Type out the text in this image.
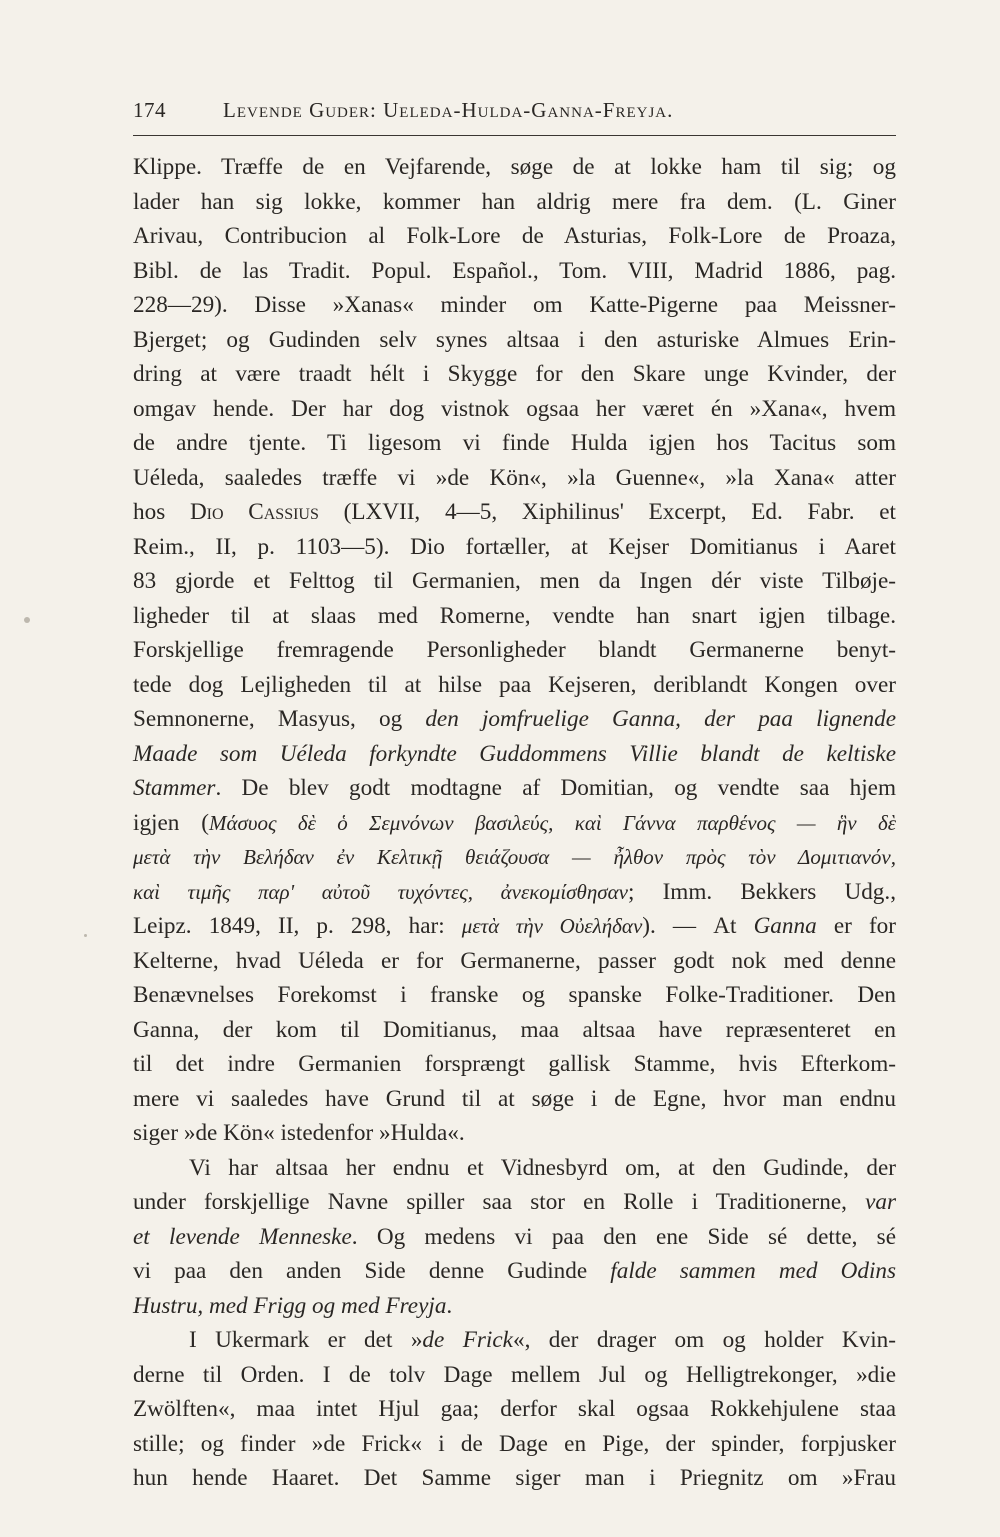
174	Levende Guder: Ueleda-Hulda-Ganna-Freyja.
Klippe. Træffe de en Vejfarende, søge de at lokke ham til sig; og
lader han sig lokke, kommer han aldrig mere fra dem. (L. Giner
Arivau, Contribucion al Folk-Lore de Asturias, Folk-Lore de Proaza,
Bibl. de las Tradit. Popul. Español., Tom. VIII, Madrid 1886, pag.
228—29). Disse »Xanas« minder om Katte-Pigerne paa Meissner-
Bjerget; og Gudinden selv synes altsaa i den asturiske Almues Erin-
dring at være traadt hélt i Skygge for den Skare unge Kvinder, der
omgav hende. Der har dog vistnok ogsaa her været én »Xana«, hvem
de andre tjente. Ti ligesom vi finde Hulda igjen hos Tacitus som
Uéleda, saaledes træffe vi »de Kön«, »la Guenne«, »la Xana« atter
hos Dio Cassius (LXVII, 4—5, Xiphilinus' Excerpt, Ed. Fabr. et
Reim., II, p. 1103—5). Dio fortæller, at Kejser Domitianus i Aaret
83 gjorde et Felttog til Germanien, men da Ingen dér viste Tilbøje-
ligheder til at slaas med Romerne, vendte han snart igjen tilbage.
Forskjellige fremragende Personligheder blandt Germanerne benyt-
tede dog Lejligheden til at hilse paa Kejseren, deriblandt Kongen over
Semnonerne, Masyus, og den jomfruelige Ganna, der paa lignende
Maade som Uéleda forkyndte Guddommens Villie blandt de keltiske
Stammer. De blev godt modtagne af Domitian, og vendte saa hjem
igjen (Μάσυος δὲ ὁ Σεμνόνων βασιλεύς, καὶ Γάννα παρθένος — ἣν δὲ
μετὰ τὴν Βελήδαν ἐν Κελτικῇ θειάζουσα — ἦλθον πρὸς τὸν Δομιτιανόν,
καὶ τιμῆς παρ' αὐτοῦ τυχόντες, ἀνεκομίσθησαν; Imm. Bekkers Udg.,
Leipz. 1849, II, p. 298, har: μετὰ τὴν Οὐελήδαν). — At Ganna er for
Kelterne, hvad Uéleda er for Germanerne, passer godt nok med denne
Benævnelses Forekomst i franske og spanske Folke-Traditioner. Den
Ganna, der kom til Domitianus, maa altsaa have repræsenteret en
til det indre Germanien forsprængt gallisk Stamme, hvis Efterkom-
mere vi saaledes have Grund til at søge i de Egne, hvor man endnu
siger »de Kön« istedenfor »Hulda«.
Vi har altsaa her endnu et Vidnesbyrd om, at den Gudinde, der
under forskjellige Navne spiller saa stor en Rolle i Traditionerne, var
et levende Menneske. Og medens vi paa den ene Side sé dette, sé
vi paa den anden Side denne Gudinde falde sammen med Odins
Hustru, med Frigg og med Freyja.
I Ukermark er det »de Frick«, der drager om og holder Kvin-
derne til Orden. I de tolv Dage mellem Jul og Helligtrekonger, »die
Zwölften«, maa intet Hjul gaa; derfor skal ogsaa Rokkehjulene staa
stille; og finder »de Frick« i de Dage en Pige, der spinder, forpjusker
hun hende Haaret. Det Samme siger man i Priegnitz om »Frau
